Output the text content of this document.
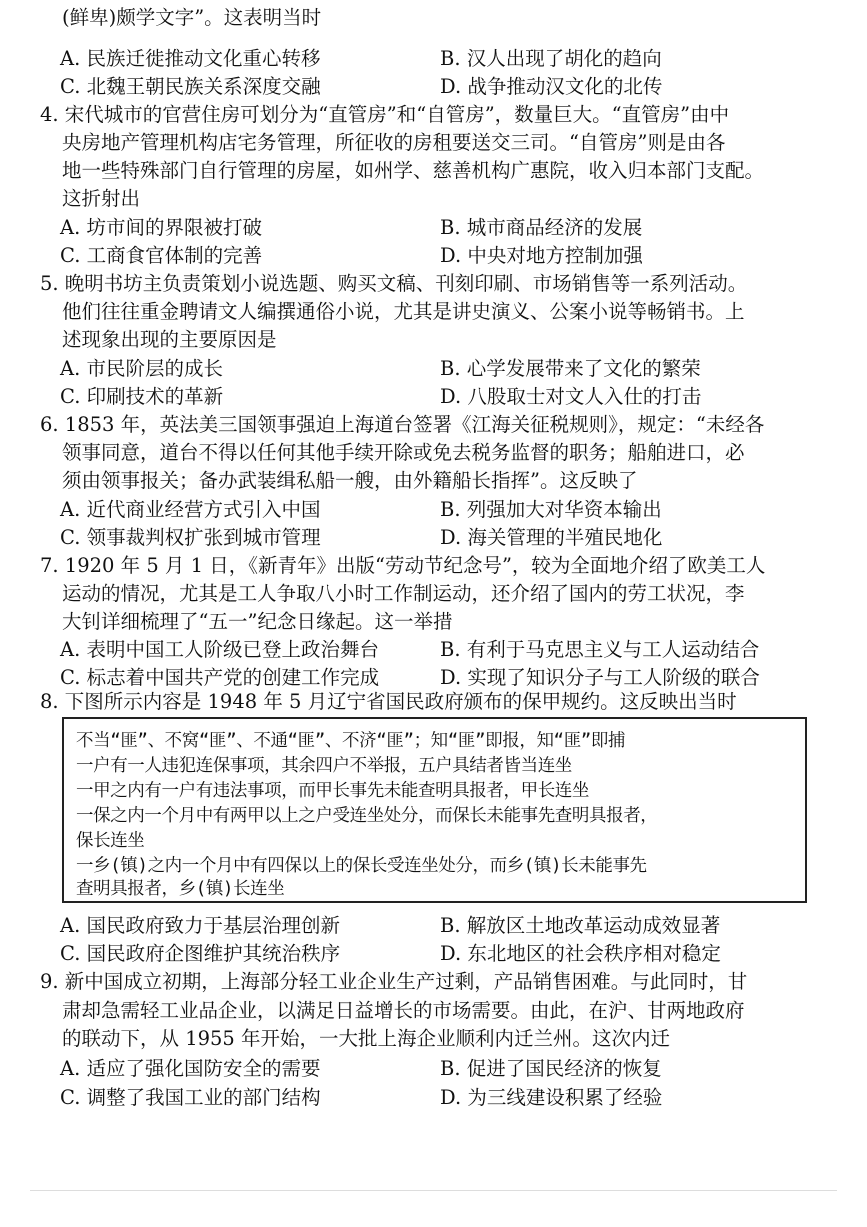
(鲜卑)颇学文字”。这表明当时
A. 民族迁徙推动文化重心转移	B. 汉人出现了胡化的趋向
C. 北魏王朝民族关系深度交融	D. 战争推动汉文化的北传
4. 宋代城市的官营住房可划分为“直管房”和“自管房”，数量巨大。“直管房”由中
央房地产管理机构店宅务管理，所征收的房租要送交三司。“自管房”则是由各
地一些特殊部门自行管理的房屋，如州学、慈善机构广惠院，收入归本部门支配。
这折射出
A. 坊市间的界限被打破	B. 城市商品经济的发展
C. 工商食官体制的完善	D. 中央对地方控制加强
5. 晚明书坊主负责策划小说选题、购买文稿、刊刻印刷、市场销售等一系列活动。
他们往往重金聘请文人编撰通俗小说，尤其是讲史演义、公案小说等畅销书。上
述现象出现的主要原因是
A. 市民阶层的成长	B. 心学发展带来了文化的繁荣
C. 印刷技术的革新	D. 八股取士对文人入仕的打击
6. 1853 年，英法美三国领事强迫上海道台签署《江海关征税规则》，规定：“未经各
领事同意，道台不得以任何其他手续开除或免去税务监督的职务；船舶进口，必
须由领事报关；备办武装缉私船一艘，由外籍船长指挥”。这反映了
A. 近代商业经营方式引入中国	B. 列强加大对华资本输出
C. 领事裁判权扩张到城市管理	D. 海关管理的半殖民地化
7. 1920 年 5 月 1 日，《新青年》出版“劳动节纪念号”，较为全面地介绍了欧美工人
运动的情况，尤其是工人争取八小时工作制运动，还介绍了国内的劳工状况，李
大钊详细梳理了“五一”纪念日缘起。这一举措
A. 表明中国工人阶级已登上政治舞台	B. 有利于马克思主义与工人运动结合
C. 标志着中国共产党的创建工作完成	D. 实现了知识分子与工人阶级的联合
8. 下图所示内容是 1948 年 5 月辽宁省国民政府颁布的保甲规约。这反映出当时
不当“匪”、不窝“匪”、不通“匪”、不济“匪”；知“匪”即报，知“匪”即捕
一户有一人违犯连保事项，其余四户不举报，五户具结者皆当连坐
一甲之内有一户有违法事项，而甲长事先未能查明具报者，甲长连坐
一保之内一个月中有两甲以上之户受连坐处分，而保长未能事先查明具报者，
保长连坐
一乡(镇)之内一个月中有四保以上的保长受连坐处分，而乡(镇)长未能事先
查明具报者，乡(镇)长连坐
A. 国民政府致力于基层治理创新	B. 解放区土地改革运动成效显著
C. 国民政府企图维护其统治秩序	D. 东北地区的社会秩序相对稳定
9. 新中国成立初期，上海部分轻工业企业生产过剩，产品销售困难。与此同时，甘
肃却急需轻工业品企业，以满足日益增长的市场需要。由此，在沪、甘两地政府
的联动下，从 1955 年开始，一大批上海企业顺利内迁兰州。这次内迁
A. 适应了强化国防安全的需要	B. 促进了国民经济的恢复
C. 调整了我国工业的部门结构	D. 为三线建设积累了经验
